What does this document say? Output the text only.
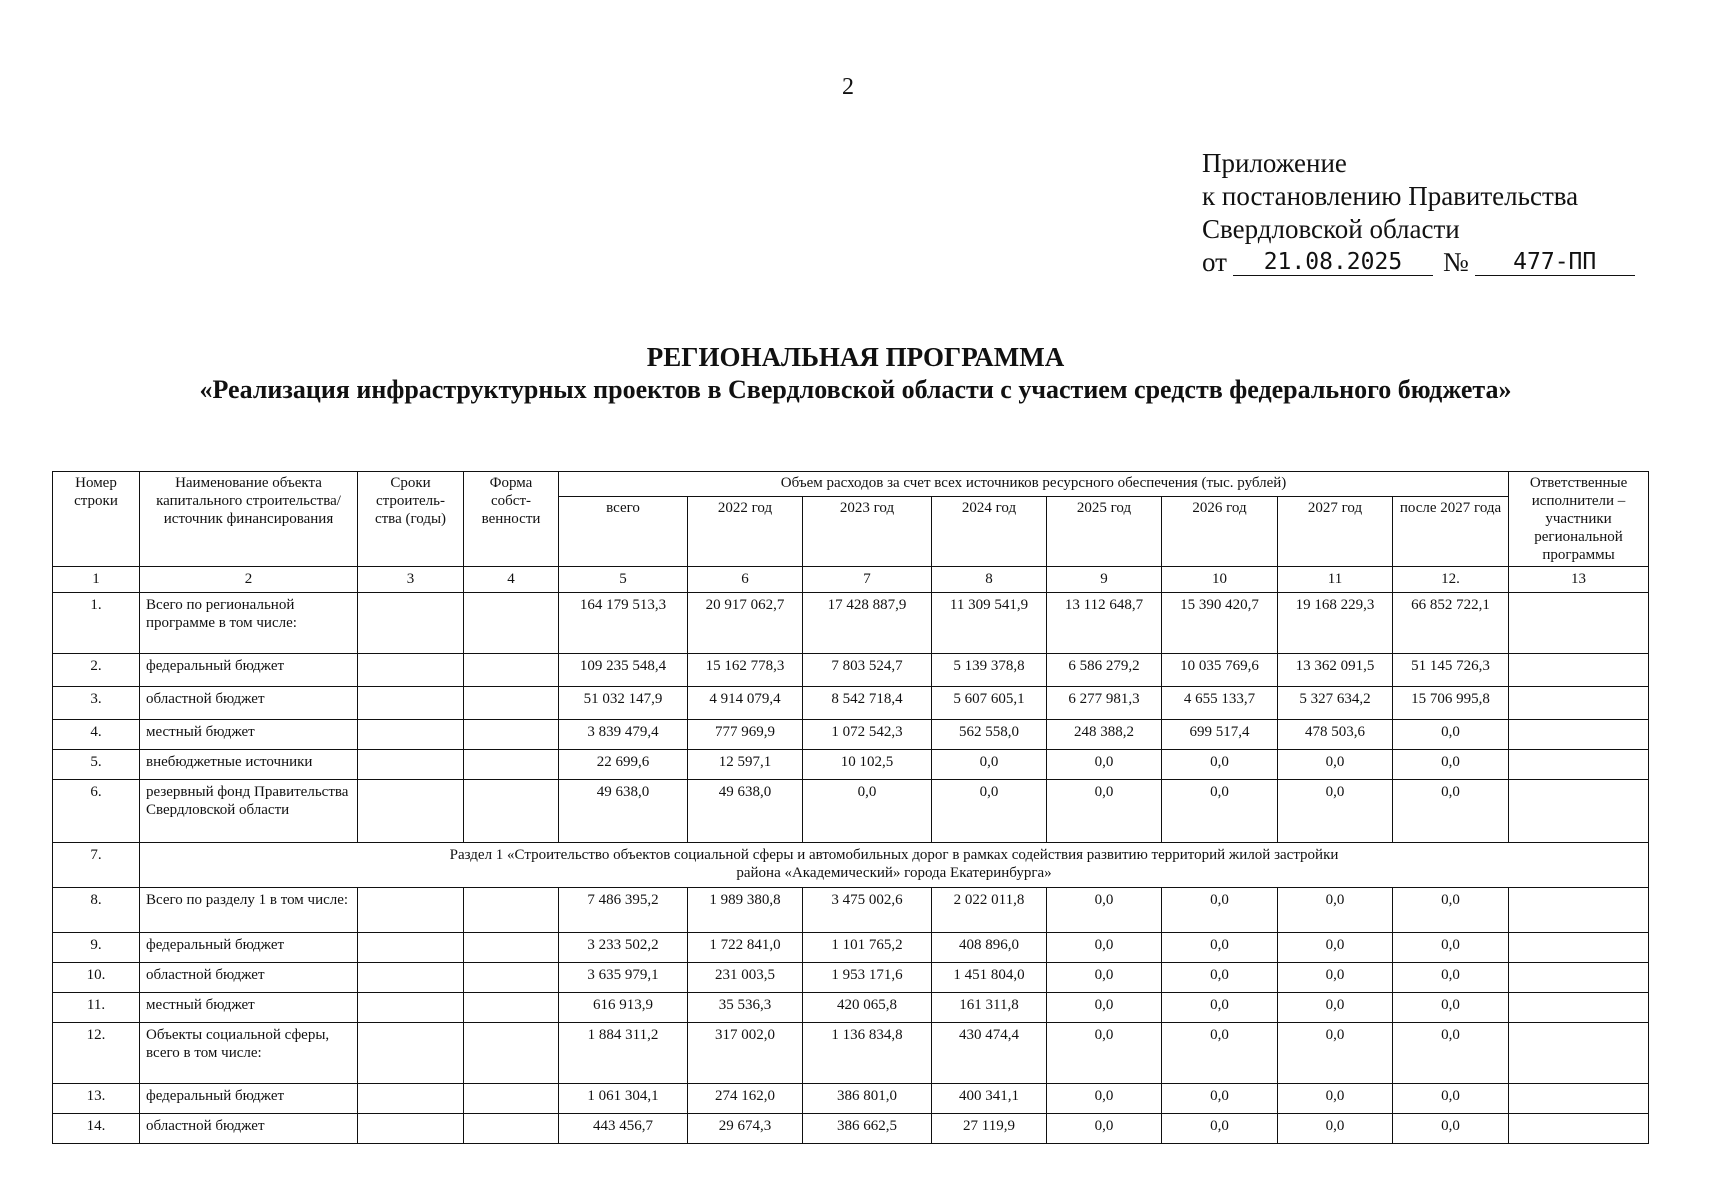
2
Приложение
к постановлению Правительства
Свердловской области
от	21.08.2025	№	477-ПП
РЕГИОНАЛЬНАЯ ПРОГРАММА
«Реализация инфраструктурных проектов в Свердловской области с участием средств федерального бюджета»
Номер строки	Наименование объекта капитального строительства/источник финансирования	Сроки строитель-ства (годы)	Форма собст-венности	Объем расходов за счет всех источников ресурсного обеспечения (тыс. рублей)								Ответственные исполнители – участники региональной программы
				всего	2022 год	2023 год	2024 год	2025 год	2026 год	2027 год	после 2027 года	
1	2	3	4	5	6	7	8	9	10	11	12.	13
1.	Всего по региональной программе в том числе:			164 179 513,3	20 917 062,7	17 428 887,9	11 309 541,9	13 112 648,7	15 390 420,7	19 168 229,3	66 852 722,1	
2.	федеральный бюджет			109 235 548,4	15 162 778,3	7 803 524,7	5 139 378,8	6 586 279,2	10 035 769,6	13 362 091,5	51 145 726,3	
3.	областной бюджет			51 032 147,9	4 914 079,4	8 542 718,4	5 607 605,1	6 277 981,3	4 655 133,7	5 327 634,2	15 706 995,8	
4.	местный бюджет			3 839 479,4	777 969,9	1 072 542,3	562 558,0	248 388,2	699 517,4	478 503,6	0,0	
5.	внебюджетные источники			22 699,6	12 597,1	10 102,5	0,0	0,0	0,0	0,0	0,0	
6.	резервный фонд Правительства Свердловской области			49 638,0	49 638,0	0,0	0,0	0,0	0,0	0,0	0,0	
7.	Раздел 1 «Строительство объектов социальной сферы и автомобильных дорог в рамках содействия развитию территорий жилой застройки
района «Академический» города Екатеринбурга»											

8.	Всего по разделу 1 в том числе:			7 486 395,2	1 989 380,8	3 475 002,6	2 022 011,8	0,0	0,0	0,0	0,0	
9.	федеральный бюджет			3 233 502,2	1 722 841,0	1 101 765,2	408 896,0	0,0	0,0	0,0	0,0	
10.	областной бюджет			3 635 979,1	231 003,5	1 953 171,6	1 451 804,0	0,0	0,0	0,0	0,0	
11.	местный бюджет			616 913,9	35 536,3	420 065,8	161 311,8	0,0	0,0	0,0	0,0	
12.	Объекты социальной сферы, всего в том числе:			1 884 311,2	317 002,0	1 136 834,8	430 474,4	0,0	0,0	0,0	0,0	
13.	федеральный бюджет			1 061 304,1	274 162,0	386 801,0	400 341,1	0,0	0,0	0,0	0,0	
14.	областной бюджет			443 456,7	29 674,3	386 662,5	27 119,9	0,0	0,0	0,0	0,0	
